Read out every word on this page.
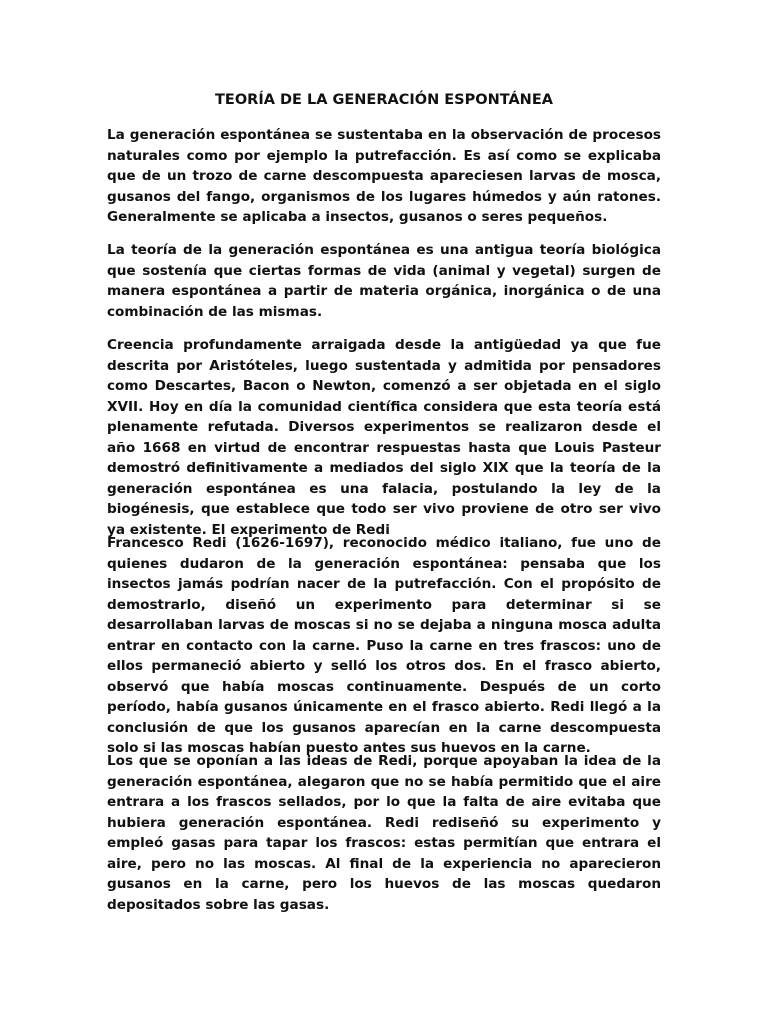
TEORÍA DE LA GENERACIÓN ESPONTÁNEA

La generación espontánea se sustentaba en la observación de procesos naturales como por ejemplo la putrefacción. Es así como se explicaba que de un trozo de carne descompuesta apareciesen larvas de mosca, gusanos del fango, organismos de los lugares húmedos y aún ratones. Generalmente se aplicaba a insectos, gusanos o seres pequeños.

La teoría de la generación espontánea es una antigua teoría biológica que sostenía que ciertas formas de vida (animal y vegetal) surgen de manera espontánea a partir de materia orgánica, inorgánica o de una combinación de las mismas.

Creencia profundamente arraigada desde la antigüedad ya que fue descrita por Aristóteles, luego sustentada y admitida por pensadores como Descartes, Bacon o Newton, comenzó a ser objetada en el siglo XVII. Hoy en día la comunidad científica considera que esta teoría está plenamente refutada. Diversos experimentos se realizaron desde el año 1668 en virtud de encontrar respuestas hasta que Louis Pasteur demostró definitivamente a mediados del siglo XIX que la teoría de la generación espontánea es una falacia, postulando la ley de la biogénesis, que establece que todo ser vivo proviene de otro ser vivo ya existente. El experimento de Redi

Francesco Redi (1626-1697), reconocido médico italiano, fue uno de quienes dudaron de la generación espontánea: pensaba que los insectos jamás podrían nacer de la putrefacción. Con el propósito de demostrarlo, diseñó un experimento para determinar si se desarrollaban larvas de moscas si no se dejaba a ninguna mosca adulta entrar en contacto con la carne. Puso la carne en tres frascos: uno de ellos permaneció abierto y selló los otros dos. En el frasco abierto, observó que había moscas continuamente. Después de un corto período, había gusanos únicamente en el frasco abierto. Redi llegó a la conclusión de que los gusanos aparecían en la carne descompuesta solo si las moscas habían puesto antes sus huevos en la carne.

Los que se oponían a las ideas de Redi, porque apoyaban la idea de la generación espontánea, alegaron que no se había permitido que el aire entrara a los frascos sellados, por lo que la falta de aire evitaba que hubiera generación espontánea. Redi rediseñó su experimento y empleó gasas para tapar los frascos: estas permitían que entrara el aire, pero no las moscas. Al final de la experiencia no aparecieron gusanos en la carne, pero los huevos de las moscas quedaron depositados sobre las gasas.
